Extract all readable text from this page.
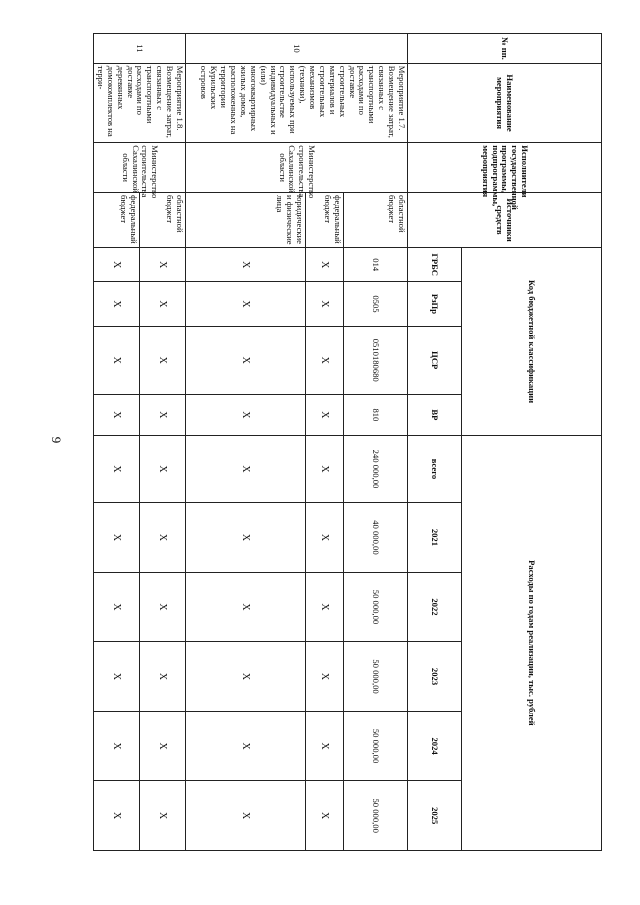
9
№ пп.	Наименование мероприятия	Исполнители государственной программы, подпрограммы, мероприятия	Источники средств	Код бюджетной классификации				Расходы по годам реализации, тыс. рублей					
				ГРБС	РзПр	ЦСР	ВР	всего	2021	2022	2023	2024	2025
10	Мероприятие 1.7. Возмещение затрат, связанных с транспортными расходами по доставке строительных материалов и строительных механизмов (техники), используемых при строительстве индивидуальных и (или) многоквартирных жилых домов, расположенных на территории Курильских островов	Министерство строительства Сахалинской области	областной бюджет	014	0505	0510180680	810	240 000,00	40 000,00	50 000,00	50 000,00	50 000,00	50 000,00
			федеральный бюджет	X	X	X	X	X	X	X	X	X	X
			юридические и физические лица	X	X	X	X	X	X	X	X	X	X
11	Мероприятие 1.8. Возмещение затрат, связанных с транспортными расходами по доставке деревянных домокомплектов на терри-	Министерство строительства Сахалинской области	областной бюджет	X	X	X	X	X	X	X	X	X	X
			федеральный бюджет	X	X	X	X	X	X	X	X	X	X
